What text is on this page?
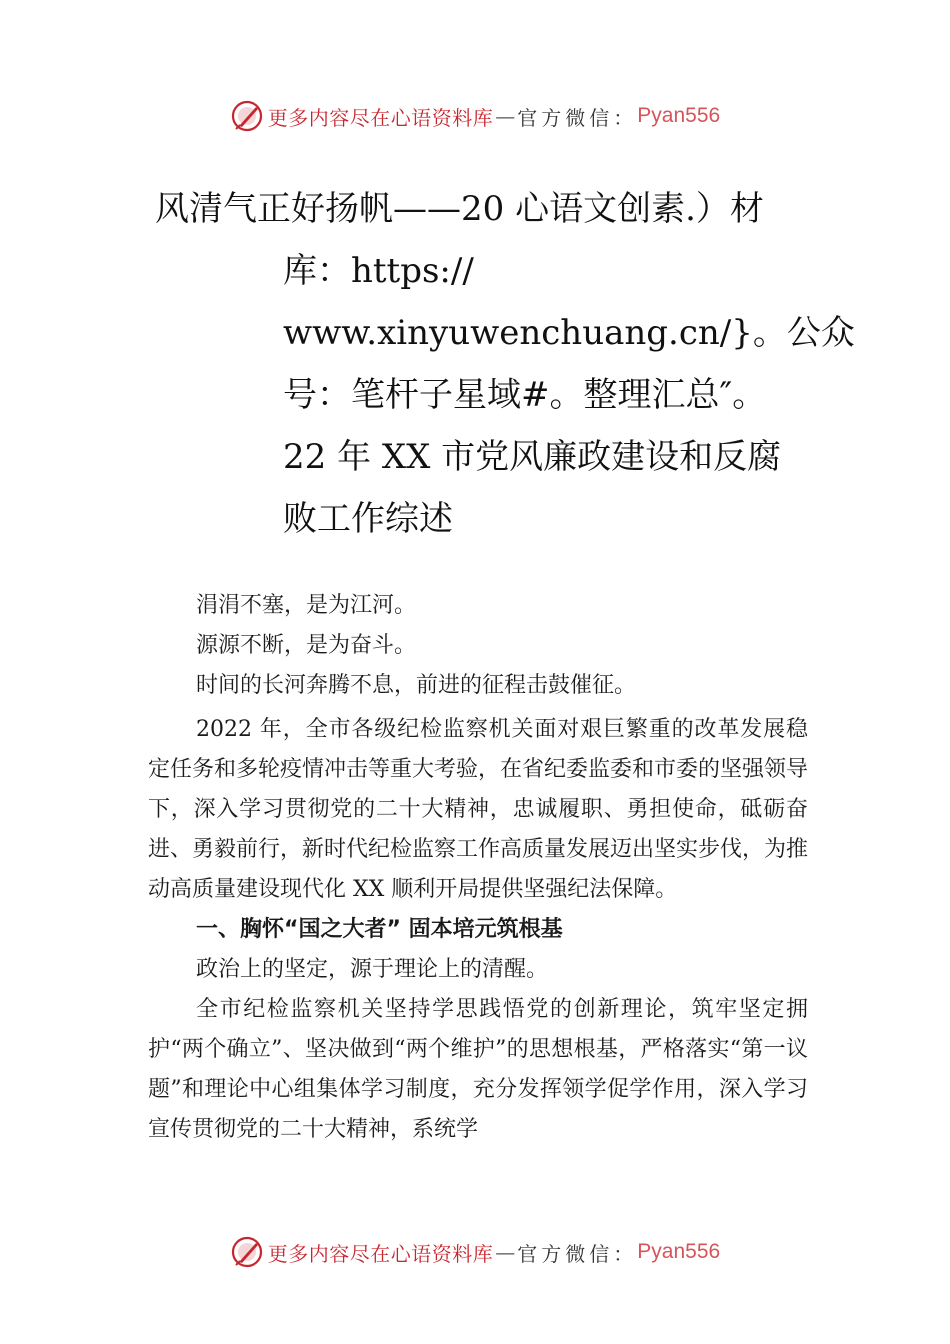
更多内容尽在心语资料库 — 官方微信： Pyan556
风清气正好扬帆——20 心语文创素.）材
库：https://
www.xinyuwenchuang.cn/}。公众
号：笔杆子星域#。整理汇总″。
22 年 XX 市党风廉政建设和反腐
败工作综述

涓涓不塞，是为江河。

源源不断，是为奋斗。

时间的长河奔腾不息，前进的征程击鼓催征。

2022 年，全市各级纪检监察机关面对艰巨繁重的改革发展稳定任务和多轮疫情冲击等重大考验，在省纪委监委和市委的坚强领导下，深入学习贯彻党的二十大精神，忠诚履职、勇担使命，砥砺奋进、勇毅前行，新时代纪检监察工作高质量发展迈出坚实步伐，为推动高质量建设现代化 XX 顺利开局提供坚强纪法保障。

一、胸怀“国之大者” 固本培元筑根基

政治上的坚定，源于理论上的清醒。

全市纪检监察机关坚持学思践悟党的创新理论，筑牢坚定拥护“两个确立”、坚决做到“两个维护”的思想根基，严格落实“第一议题”和理论中心组集体学习制度，充分发挥领学促学作用，深入学习宣传贯彻党的二十大精神，系统学

更多内容尽在心语资料库 — 官方微信： Pyan556
